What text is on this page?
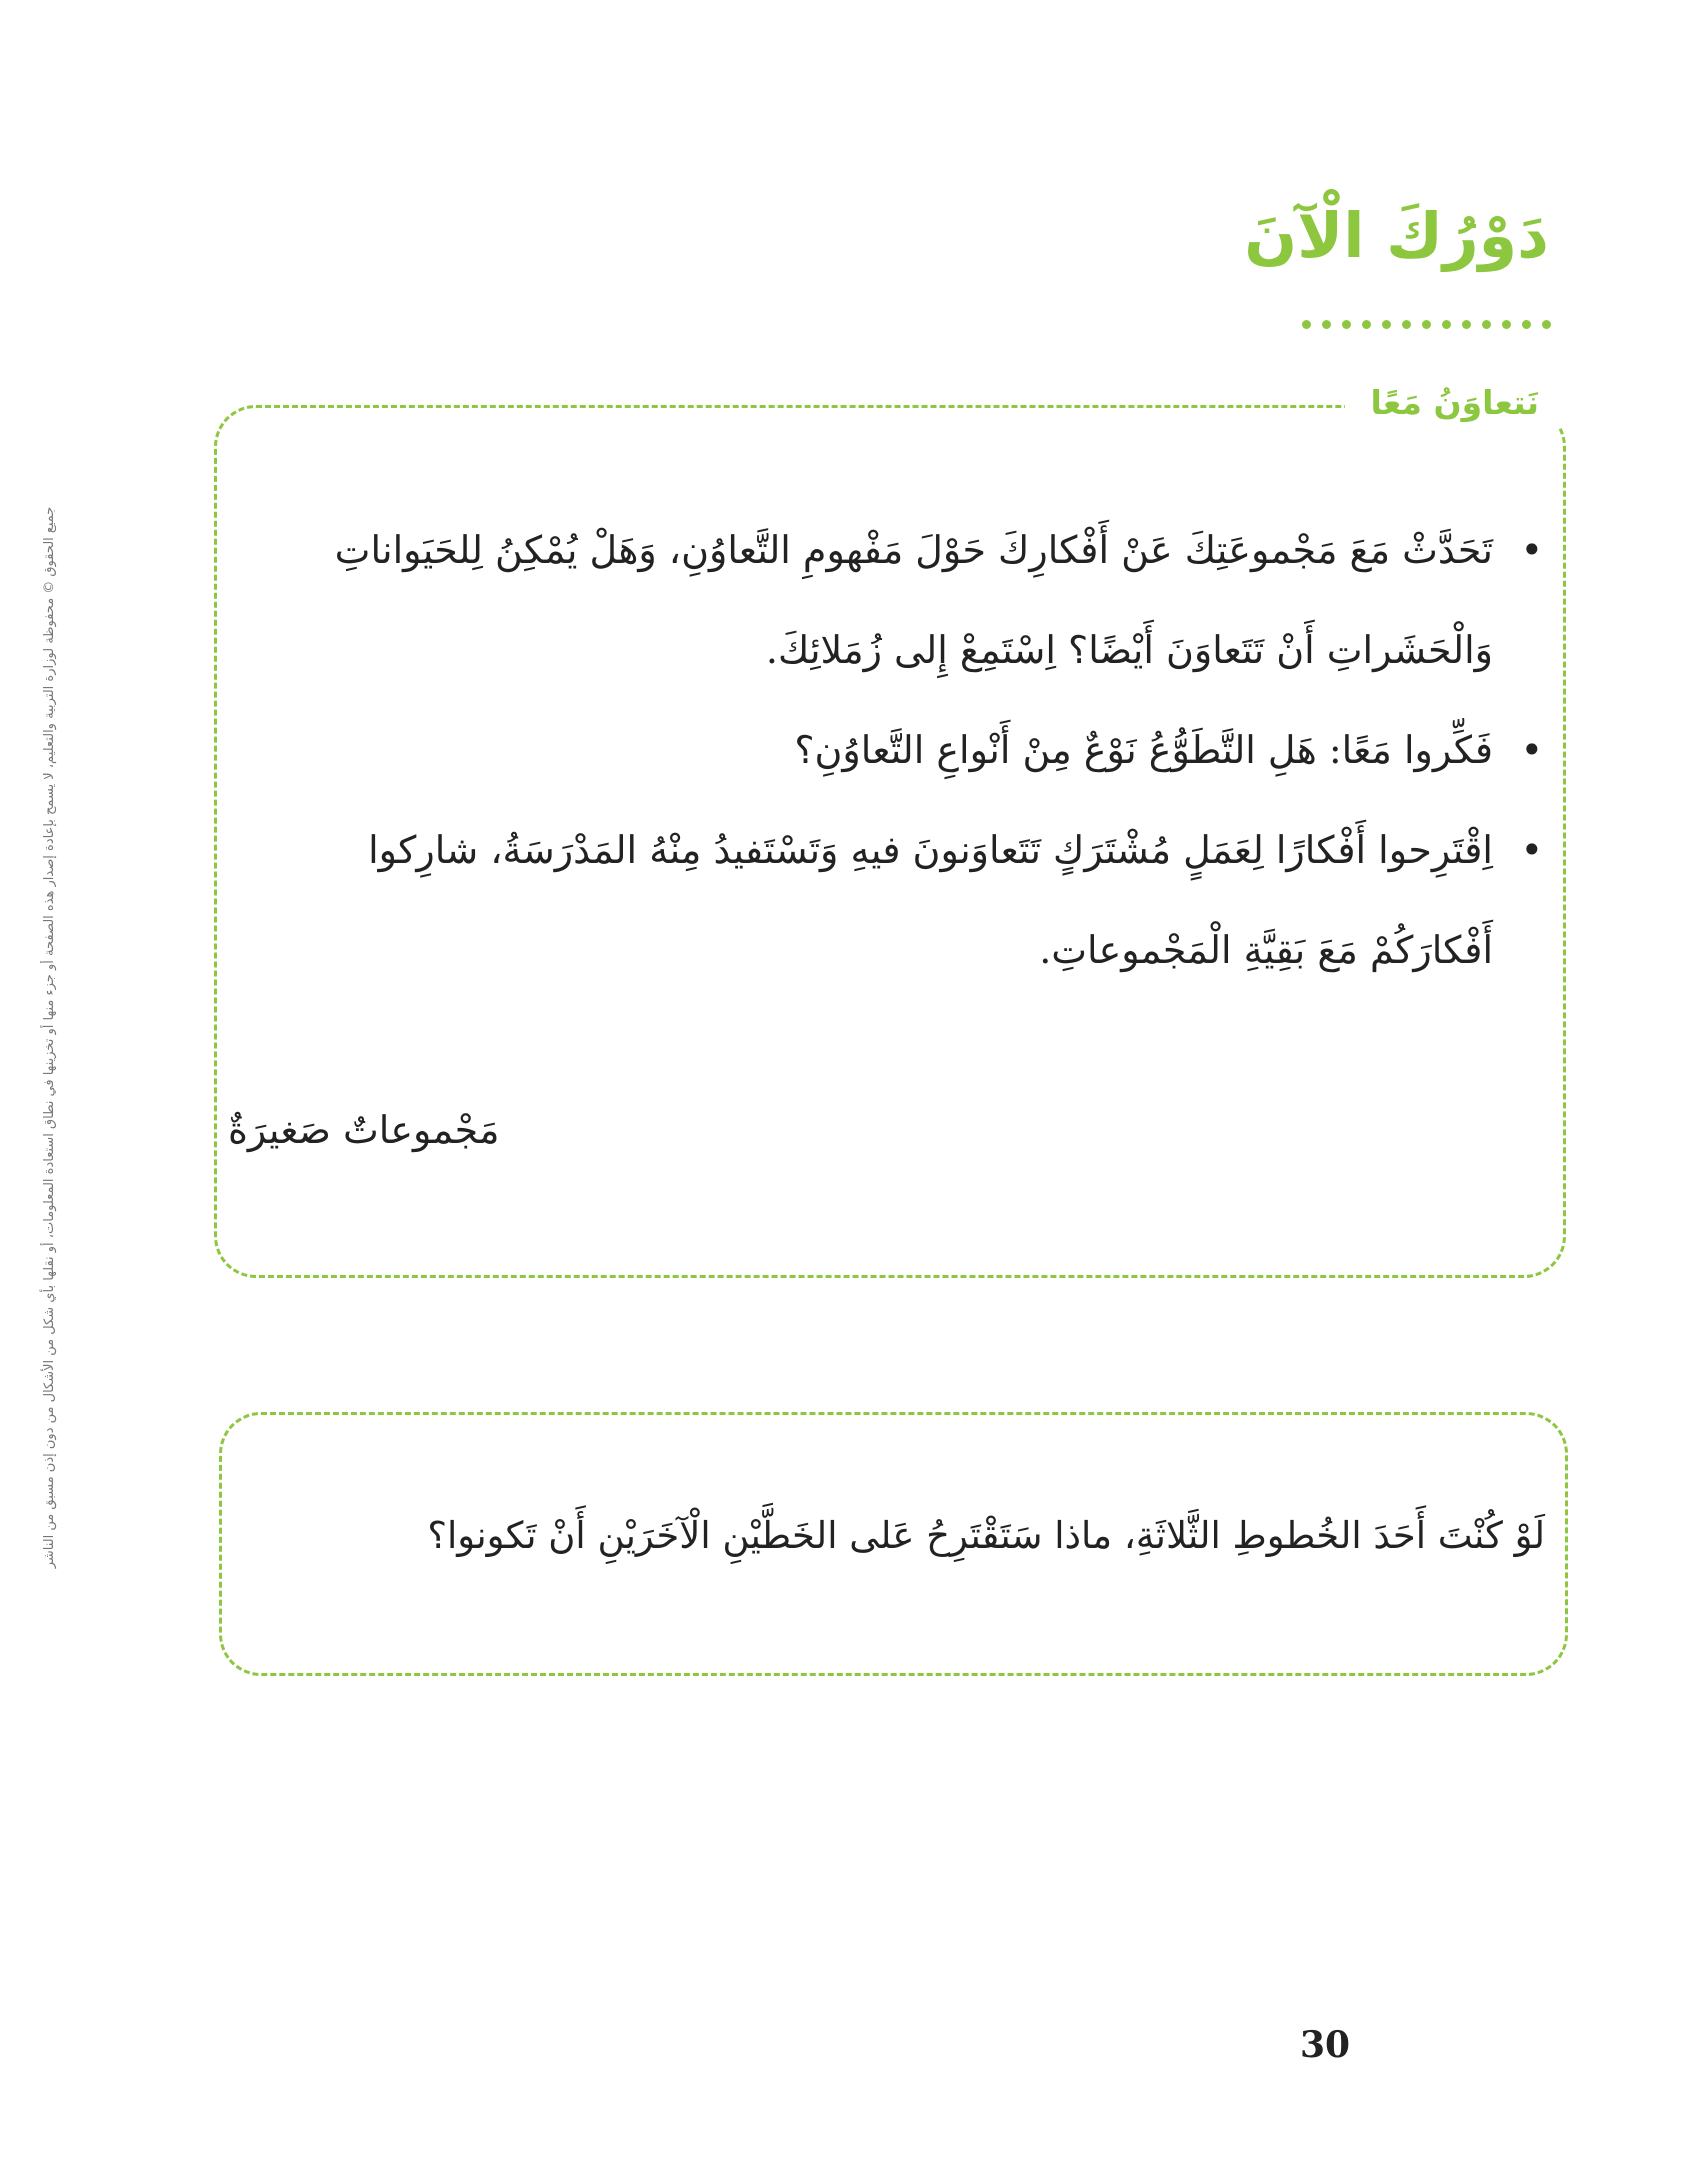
دَوْرُكَ الْآنَ
نَتعاوَنُ مَعًا
• تَحَدَّثْ مَعَ مَجْموعَتِكَ عَنْ أَفْكارِكَ حَوْلَ مَفْهومِ التَّعاوُنِ، وَهَلْ يُمْكِنُ لِلحَيَواناتِ وَالْحَشَراتِ أَنْ تَتَعاوَنَ أَيْضًا؟ اِسْتَمِعْ إِلى زُمَلائِكَ.
• فَكِّروا مَعًا: هَلِ التَّطَوُّعُ نَوْعٌ مِنْ أَنْواعِ التَّعاوُنِ؟
• اِقْتَرِحوا أَفْكارًا لِعَمَلٍ مُشْتَرَكٍ تَتَعاوَنونَ فيهِ وَتَسْتَفيدُ مِنْهُ المَدْرَسَةُ، شارِكوا أَفْكارَكُمْ مَعَ بَقِيَّةِ الْمَجْموعاتِ.
مَجْموعاتٌ صَغيرَةٌ
لَوْ كُنْتَ أَحَدَ الخُطوطِ الثَّلاثَةِ، ماذا سَتَقْتَرِحُ عَلى الخَطَّيْنِ الْآخَرَيْنِ أَنْ تَكونوا؟
جميع الحقوق © محفوظة لوزارة التربية والتعليم، لا يسمح بإعادة إصدار هذه الصفحة أو جزء منها أو تخزينها في نطاق استعادة المعلومات، أو نقلها بأي شكل من الأشكال من دون إذن مسبق من الناشر
30
